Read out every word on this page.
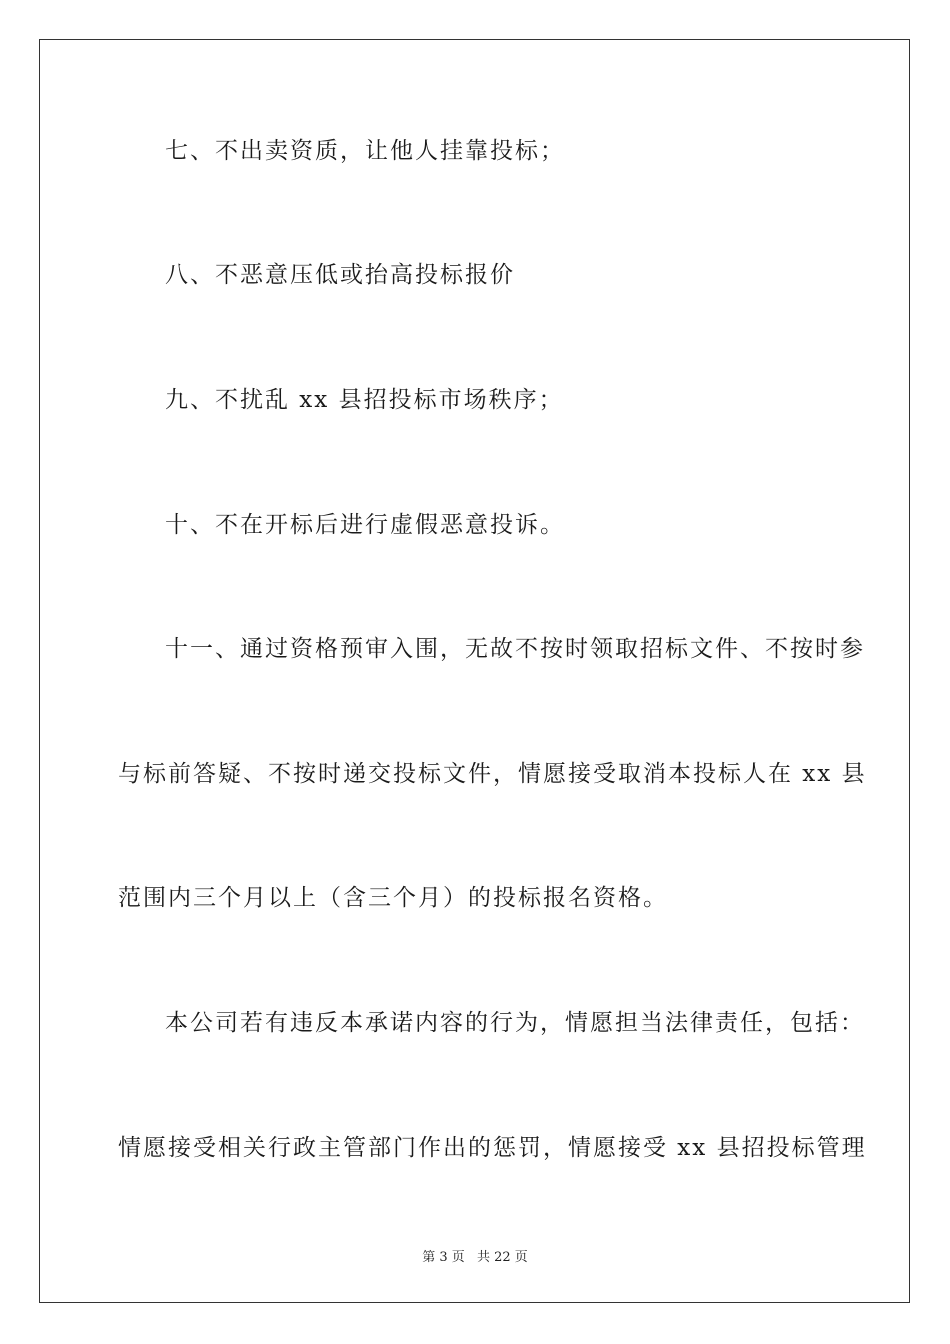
七、不出卖资质，让他人挂靠投标；
八、不恶意压低或抬高投标报价
九、不扰乱 xx 县招投标市场秩序；
十、不在开标后进行虚假恶意投诉。
十一、通过资格预审入围，无故不按时领取招标文件、不按时参
与标前答疑、不按时递交投标文件，情愿接受取消本投标人在 xx 县
范围内三个月以上（含三个月）的投标报名资格。
本公司若有违反本承诺内容的行为，情愿担当法律责任，包括：
情愿接受相关行政主管部门作出的惩罚，情愿接受 xx 县招投标管理
第 3 页 共 22 页
